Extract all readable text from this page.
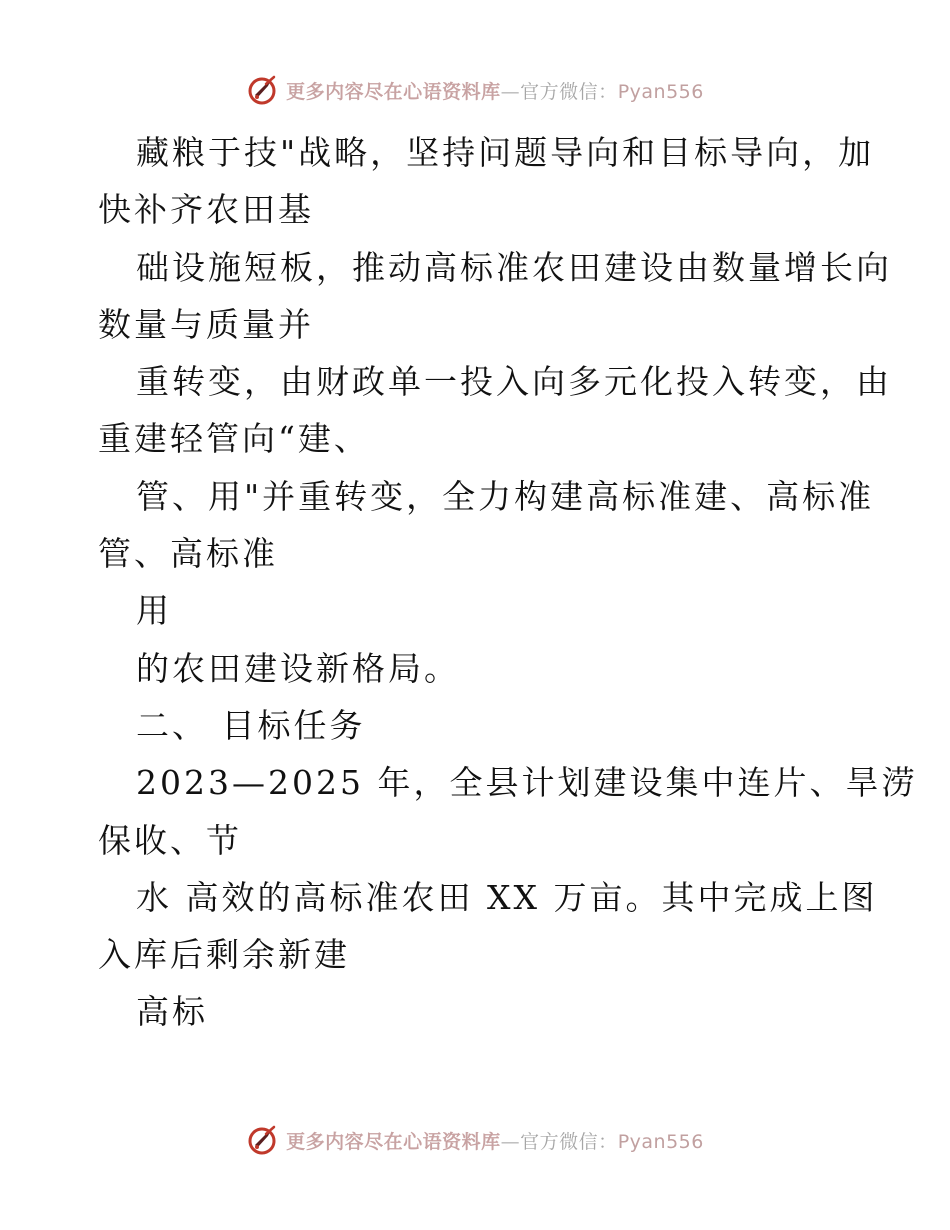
更多内容尽在心语资料库—官方微信：Pyan556
藏粮于技"战略，坚持问题导向和目标导向，加
快补齐农田基
础设施短板，推动高标准农田建设由数量增长向
数量与质量并
重转变，由财政单一投入向多元化投入转变，由
重建轻管向“建、
管、用"并重转变，全力构建高标准建、高标准
管、高标准
用
的农田建设新格局。
二、 目标任务
2023—2025 年，全县计划建设集中连片、旱涝
保收、节
水 高效的高标准农田 XX 万亩。其中完成上图
入库后剩余新建
高标
更多内容尽在心语资料库—官方微信：Pyan556
